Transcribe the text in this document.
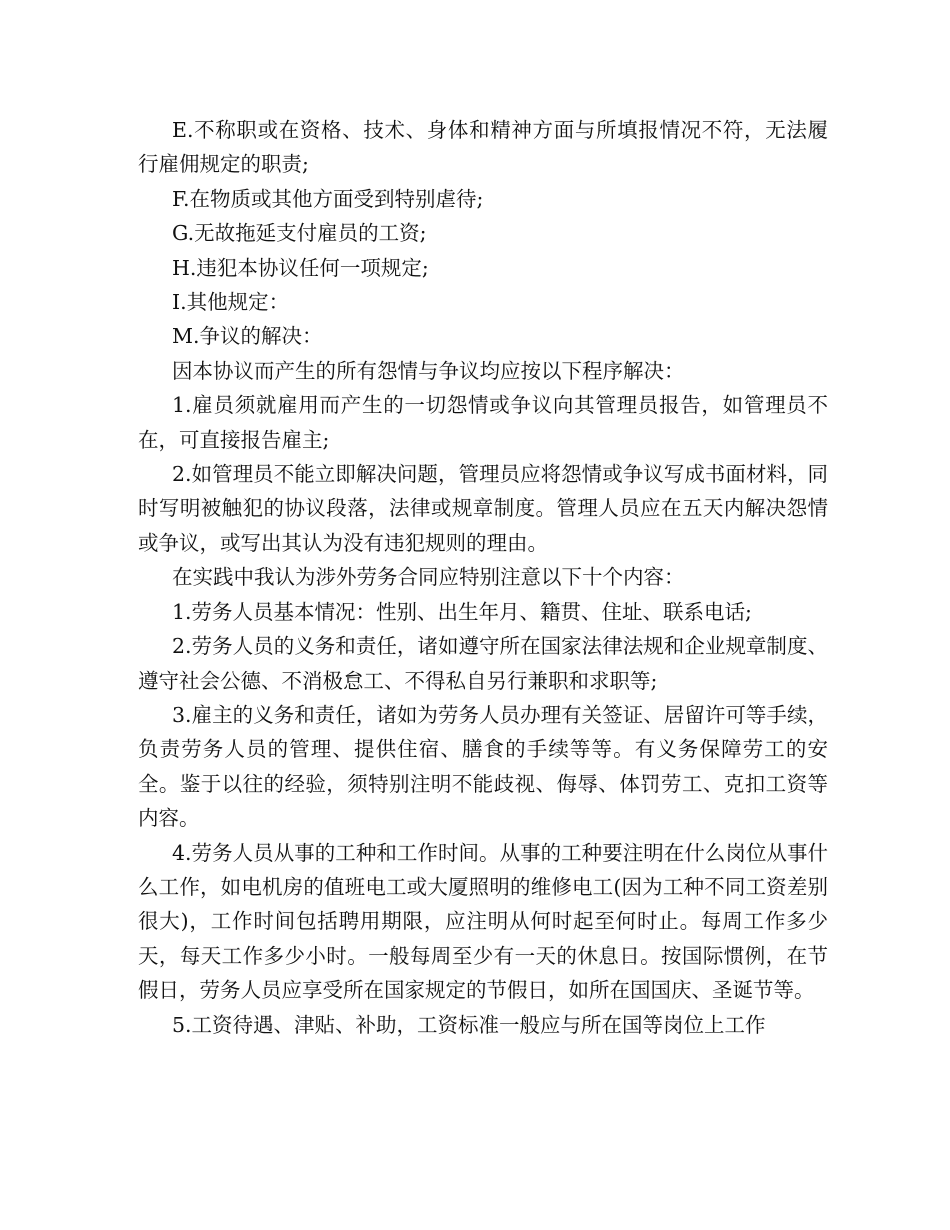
E.不称职或在资格、技术、身体和精神方面与所填报情况不符，无法履行雇佣规定的职责;

F.在物质或其他方面受到特别虐待;

G.无故拖延支付雇员的工资;

H.违犯本协议任何一项规定;

I.其他规定：

M.争议的解决：

因本协议而产生的所有怨情与争议均应按以下程序解决：

1.雇员须就雇用而产生的一切怨情或争议向其管理员报告，如管理员不在，可直接报告雇主;

2.如管理员不能立即解决问题，管理员应将怨情或争议写成书面材料，同时写明被触犯的协议段落，法律或规章制度。管理人员应在五天内解决怨情或争议，或写出其认为没有违犯规则的理由。

在实践中我认为涉外劳务合同应特别注意以下十个内容：

1.劳务人员基本情况：性别、出生年月、籍贯、住址、联系电话;

2.劳务人员的义务和责任，诸如遵守所在国家法律法规和企业规章制度、遵守社会公德、不消极怠工、不得私自另行兼职和求职等;

3.雇主的义务和责任，诸如为劳务人员办理有关签证、居留许可等手续，负责劳务人员的管理、提供住宿、膳食的手续等等。有义务保障劳工的安全。鉴于以往的经验，须特别注明不能歧视、侮辱、体罚劳工、克扣工资等内容。

4.劳务人员从事的工种和工作时间。从事的工种要注明在什么岗位从事什么工作，如电机房的值班电工或大厦照明的维修电工(因为工种不同工资差别很大)，工作时间包括聘用期限，应注明从何时起至何时止。每周工作多少天，每天工作多少小时。一般每周至少有一天的休息日。按国际惯例，在节假日，劳务人员应享受所在国家规定的节假日，如所在国国庆、圣诞节等。

5.工资待遇、津贴、补助，工资标准一般应与所在国等岗位上工作
